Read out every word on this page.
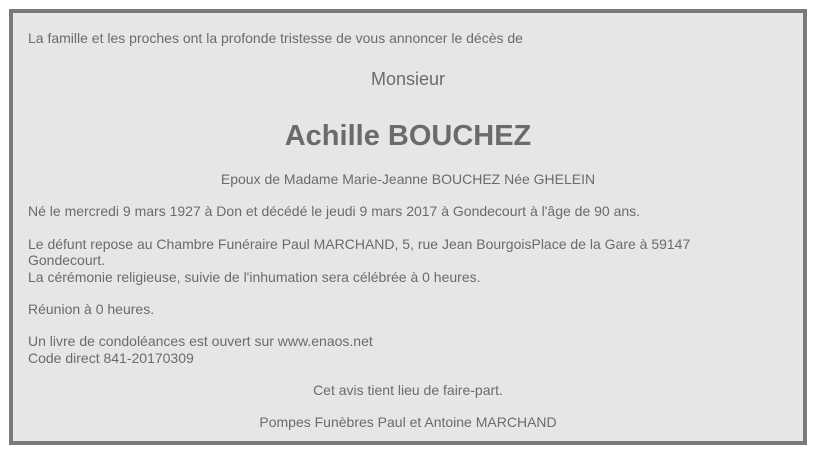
La famille et les proches ont la profonde tristesse de vous annoncer le décès de
Monsieur
Achille BOUCHEZ
Epoux de Madame Marie-Jeanne BOUCHEZ Née GHELEIN
Né le mercredi 9 mars 1927 à Don et décédé le jeudi 9 mars 2017 à Gondecourt à l'âge de 90 ans.
Le défunt repose au Chambre Funéraire Paul MARCHAND, 5, rue Jean BourgoisPlace de la Gare à 59147
Gondecourt.
La cérémonie religieuse, suivie de l'inhumation sera célébrée à 0 heures.
Réunion à 0 heures.
Un livre de condoléances est ouvert sur www.enaos.net
Code direct 841-20170309
Cet avis tient lieu de faire-part.
Pompes Funèbres Paul et Antoine MARCHAND
